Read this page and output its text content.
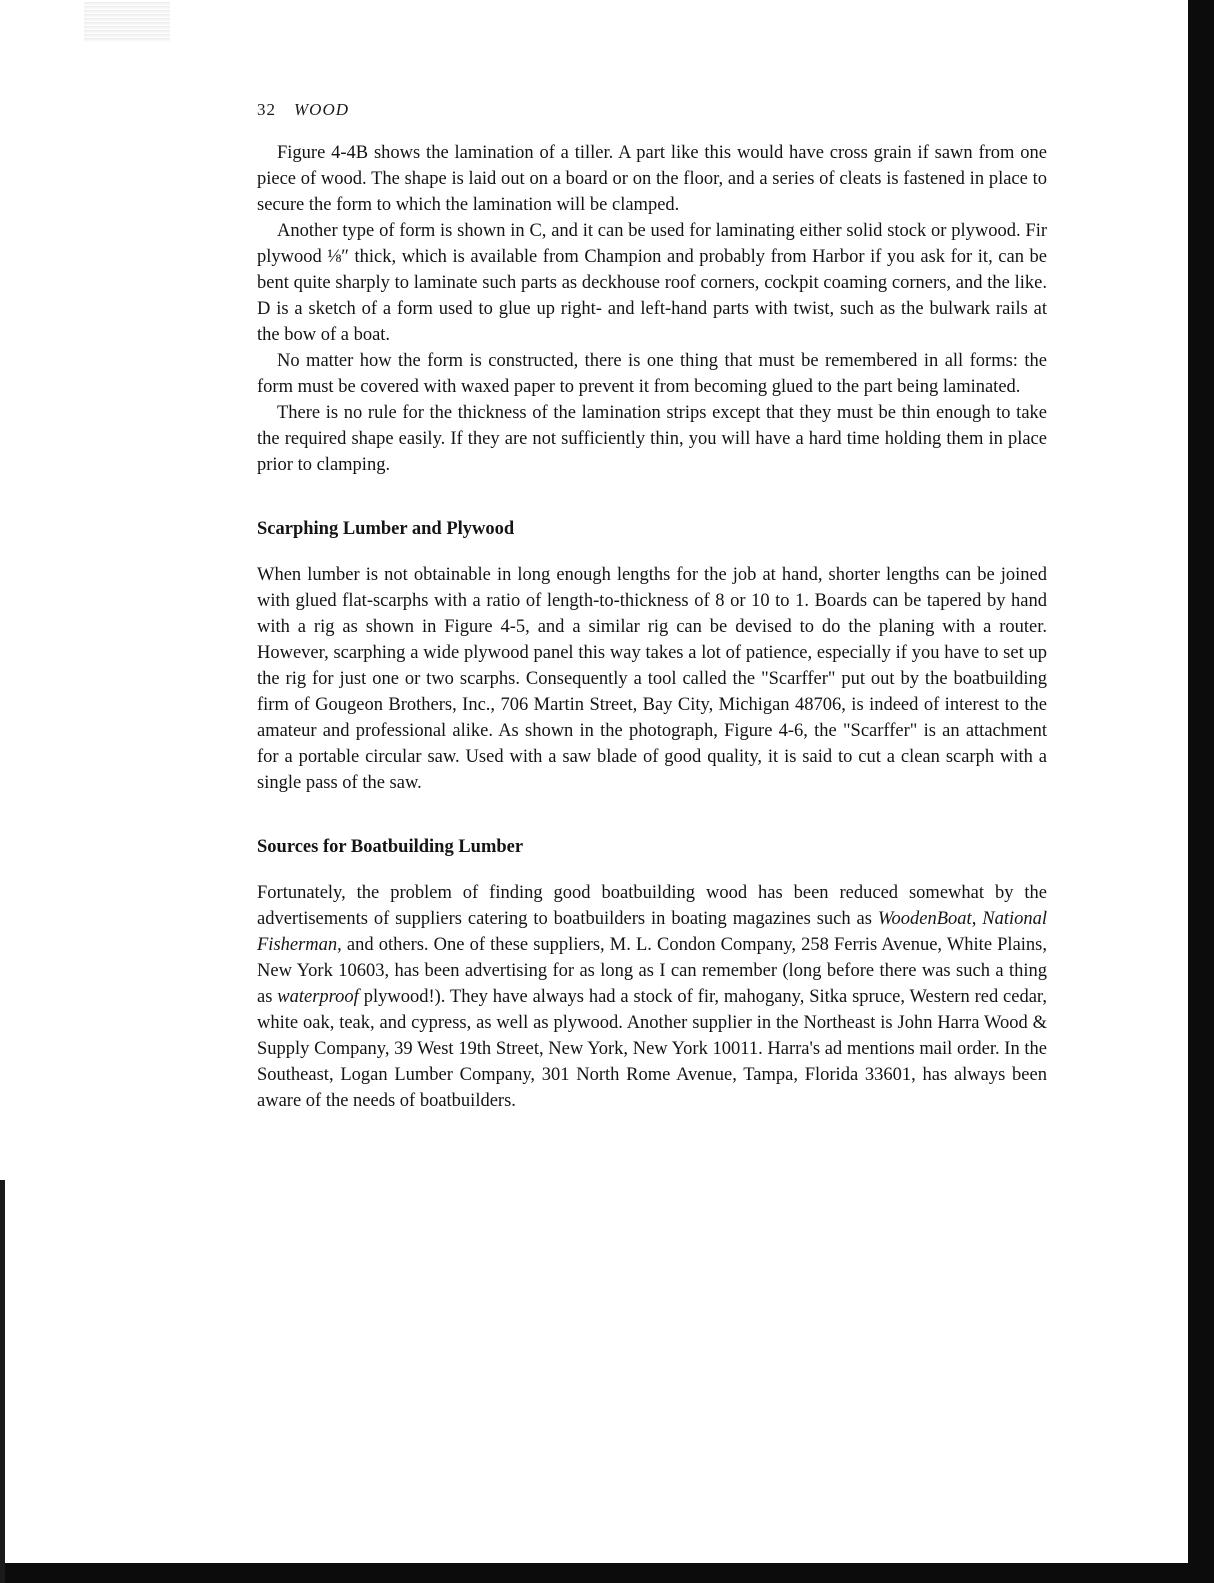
32 WOOD

Figure 4-4B shows the lamination of a tiller. A part like this would have cross grain if sawn from one piece of wood. The shape is laid out on a board or on the floor, and a series of cleats is fastened in place to secure the form to which the lamination will be clamped.

Another type of form is shown in C, and it can be used for laminating either solid stock or plywood. Fir plywood ⅛″ thick, which is available from Champion and probably from Harbor if you ask for it, can be bent quite sharply to laminate such parts as deckhouse roof corners, cockpit coaming corners, and the like. D is a sketch of a form used to glue up right- and left-hand parts with twist, such as the bulwark rails at the bow of a boat.

No matter how the form is constructed, there is one thing that must be remembered in all forms: the form must be covered with waxed paper to prevent it from becoming glued to the part being laminated.

There is no rule for the thickness of the lamination strips except that they must be thin enough to take the required shape easily. If they are not sufficiently thin, you will have a hard time holding them in place prior to clamping.

Scarphing Lumber and Plywood

When lumber is not obtainable in long enough lengths for the job at hand, shorter lengths can be joined with glued flat-scarphs with a ratio of length-to-thickness of 8 or 10 to 1. Boards can be tapered by hand with a rig as shown in Figure 4-5, and a similar rig can be devised to do the planing with a router. However, scarphing a wide plywood panel this way takes a lot of patience, especially if you have to set up the rig for just one or two scarphs. Consequently a tool called the "Scarffer" put out by the boatbuilding firm of Gougeon Brothers, Inc., 706 Martin Street, Bay City, Michigan 48706, is indeed of interest to the amateur and professional alike. As shown in the photograph, Figure 4-6, the "Scarffer" is an attachment for a portable circular saw. Used with a saw blade of good quality, it is said to cut a clean scarph with a single pass of the saw.

Sources for Boatbuilding Lumber

Fortunately, the problem of finding good boatbuilding wood has been reduced somewhat by the advertisements of suppliers catering to boatbuilders in boating magazines such as WoodenBoat, National Fisherman, and others. One of these suppliers, M. L. Condon Company, 258 Ferris Avenue, White Plains, New York 10603, has been advertising for as long as I can remember (long before there was such a thing as waterproof plywood!). They have always had a stock of fir, mahogany, Sitka spruce, Western red cedar, white oak, teak, and cypress, as well as plywood. Another supplier in the Northeast is John Harra Wood & Supply Company, 39 West 19th Street, New York, New York 10011. Harra's ad mentions mail order. In the Southeast, Logan Lumber Company, 301 North Rome Avenue, Tampa, Florida 33601, has always been aware of the needs of boatbuilders.
